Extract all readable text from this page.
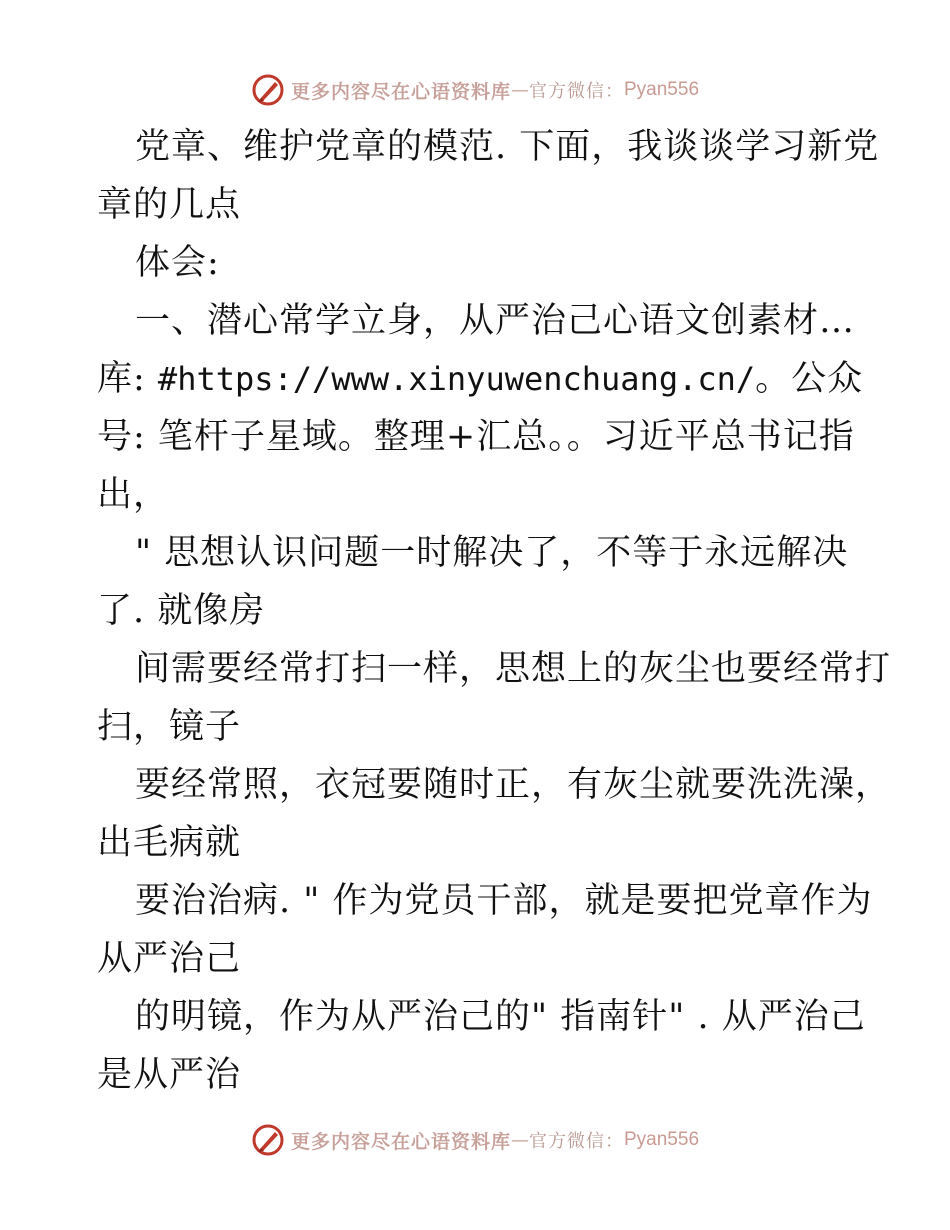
更多内容尽在心语资料库 — 官方微信： Pyan556
党章、维护党章的模范. 下面，我谈谈学习新党
章的几点
体会:
一、潜心常学立身，从严治己心语文创素材…
库: #https://www.xinyuwenchuang.cn/。公众
号: 笔杆子星域。整理+汇总。。习近平总书记指
出，
" 思想认识问题一时解决了，不等于永远解决
了. 就像房
间需要经常打扫一样，思想上的灰尘也要经常打
扫，镜子
要经常照，衣冠要随时正，有灰尘就要洗洗澡，
出毛病就
要治治病. " 作为党员干部，就是要把党章作为
从严治己
的明镜，作为从严治己的" 指南针" . 从严治己
是从严治
更多内容尽在心语资料库 — 官方微信： Pyan556
